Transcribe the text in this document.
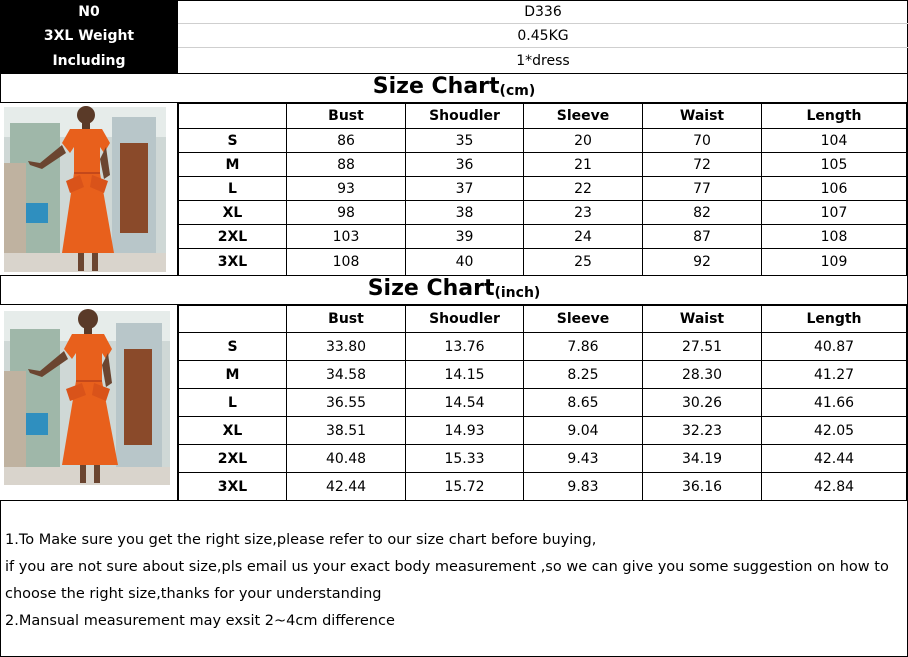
N0	D336
3XL Weight	0.45KG
Including	1*dress
Size Chart (cm)
	Bust	Shoudler	Sleeve	Waist	Length
S	86	35	20	70	104
M	88	36	21	72	105
L	93	37	22	77	106
XL	98	38	23	82	107
2XL	103	39	24	87	108
3XL	108	40	25	92	109
Size Chart (inch)
	Bust	Shoudler	Sleeve	Waist	Length
S	33.80	13.76	7.86	27.51	40.87
M	34.58	14.15	8.25	28.30	41.27
L	36.55	14.54	8.65	30.26	41.66
XL	38.51	14.93	9.04	32.23	42.05
2XL	40.48	15.33	9.43	34.19	42.44
3XL	42.44	15.72	9.83	36.16	42.84

1.To Make sure you get the right size,please refer to our size chart before buying,

if you are not sure about size,pls email us your exact body measurement ,so we can give you some suggestion on how to

choose the right size,thanks for your understanding

2.Mansual measurement may exsit 2~4cm difference
